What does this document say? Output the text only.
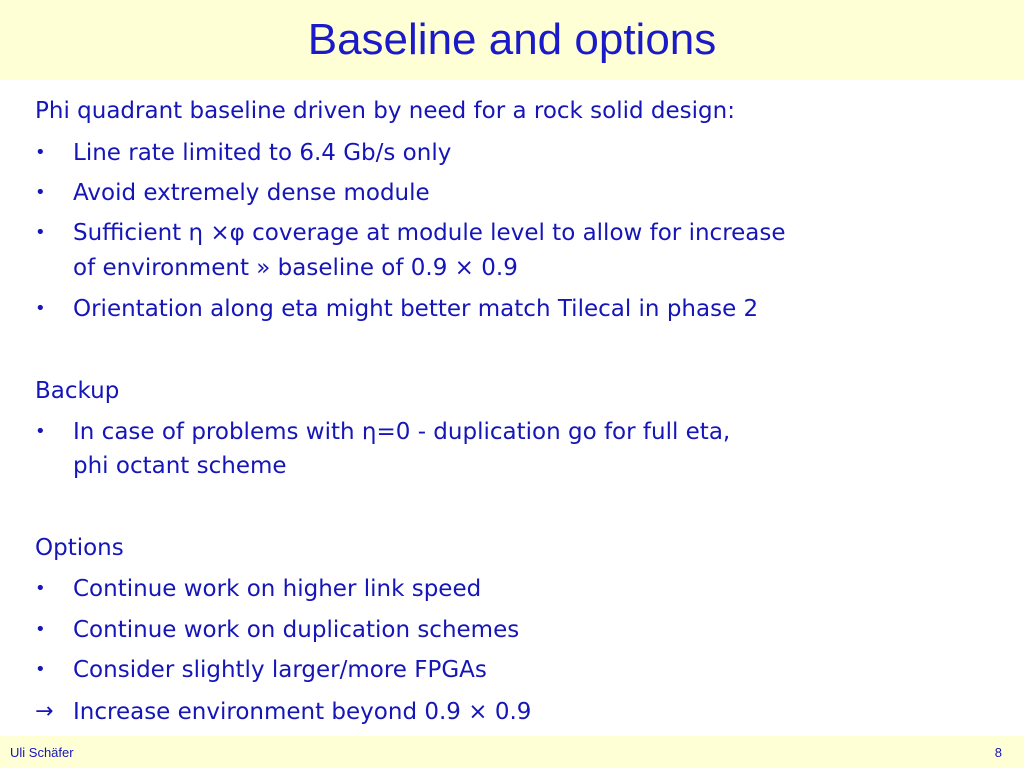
Baseline and options
Phi quadrant baseline driven by need for a rock solid design:
• Line rate limited to 6.4 Gb/s only
• Avoid extremely dense module
• Sufficient η ×φ coverage at module level to allow for increase
of environment » baseline of 0.9 × 0.9
• Orientation along eta might better match Tilecal in phase 2
Backup
• In case of problems with η=0 - duplication go for full eta,
phi octant scheme
Options
• Continue work on higher link speed
• Continue work on duplication schemes
• Consider slightly larger/more FPGAs
→ Increase environment beyond 0.9 × 0.9
Uli Schäfer	8
